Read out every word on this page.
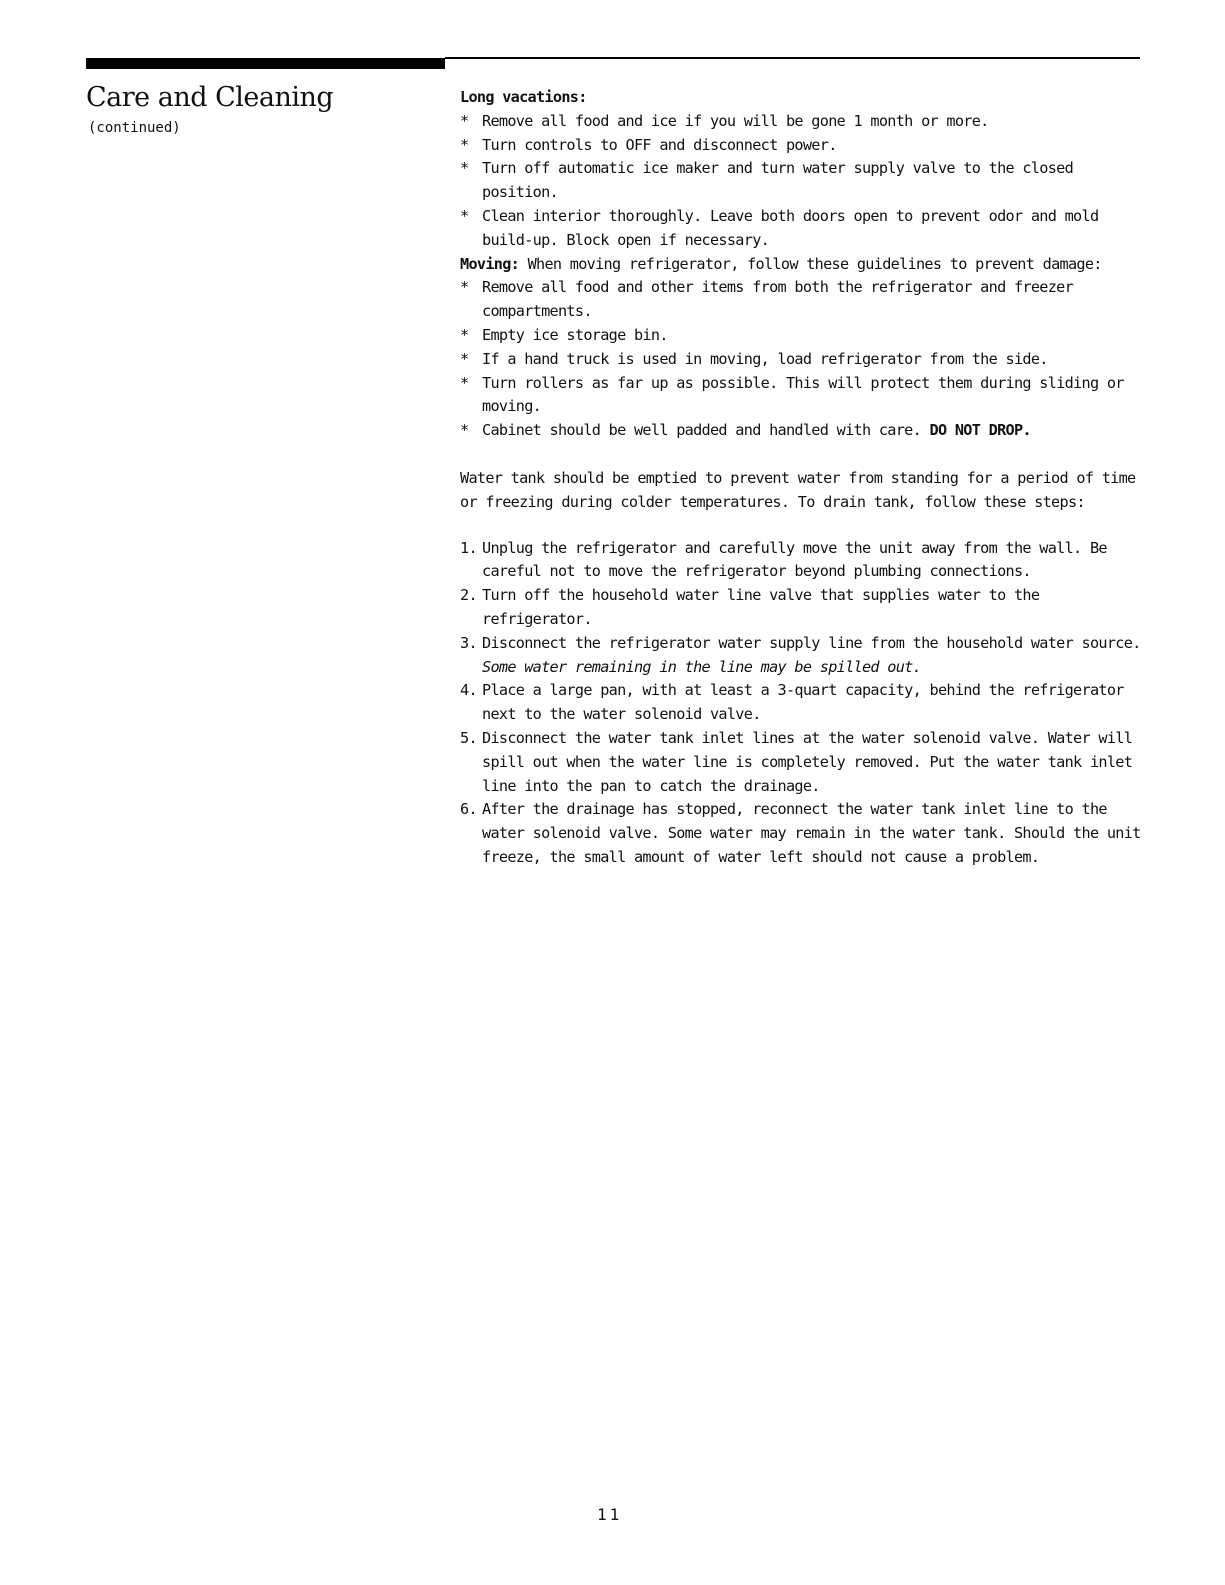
Care and Cleaning
(continued)

Long vacations:

* Remove all food and ice if you will be gone 1 month or more.
* Turn controls to OFF and disconnect power.
* Turn off automatic ice maker and turn water supply valve to the closed position.
* Clean interior thoroughly. Leave both doors open to prevent odor and mold build-up. Block open if necessary.

Moving: When moving refrigerator, follow these guidelines to prevent damage:

* Remove all food and other items from both the refrigerator and freezer compartments.
* Empty ice storage bin.
* If a hand truck is used in moving, load refrigerator from the side.
* Turn rollers as far up as possible. This will protect them during sliding or moving.
* Cabinet should be well padded and handled with care. DO NOT DROP.

Water tank should be emptied to prevent water from standing for a period of time or freezing during colder temperatures. To drain tank, follow these steps:

1. Unplug the refrigerator and carefully move the unit away from the wall. Be careful not to move the refrigerator beyond plumbing connections.
2. Turn off the household water line valve that supplies water to the refrigerator.
3. Disconnect the refrigerator water supply line from the household water source.
Some water remaining in the line may be spilled out.
4. Place a large pan, with at least a 3-quart capacity, behind the refrigerator next to the water solenoid valve.
5. Disconnect the water tank inlet lines at the water solenoid valve. Water will spill out when the water line is completely removed. Put the water tank inlet line into the pan to catch the drainage.
6. After the drainage has stopped, reconnect the water tank inlet line to the water solenoid valve. Some water may remain in the water tank. Should the unit freeze, the small amount of water left should not cause a problem.
11
